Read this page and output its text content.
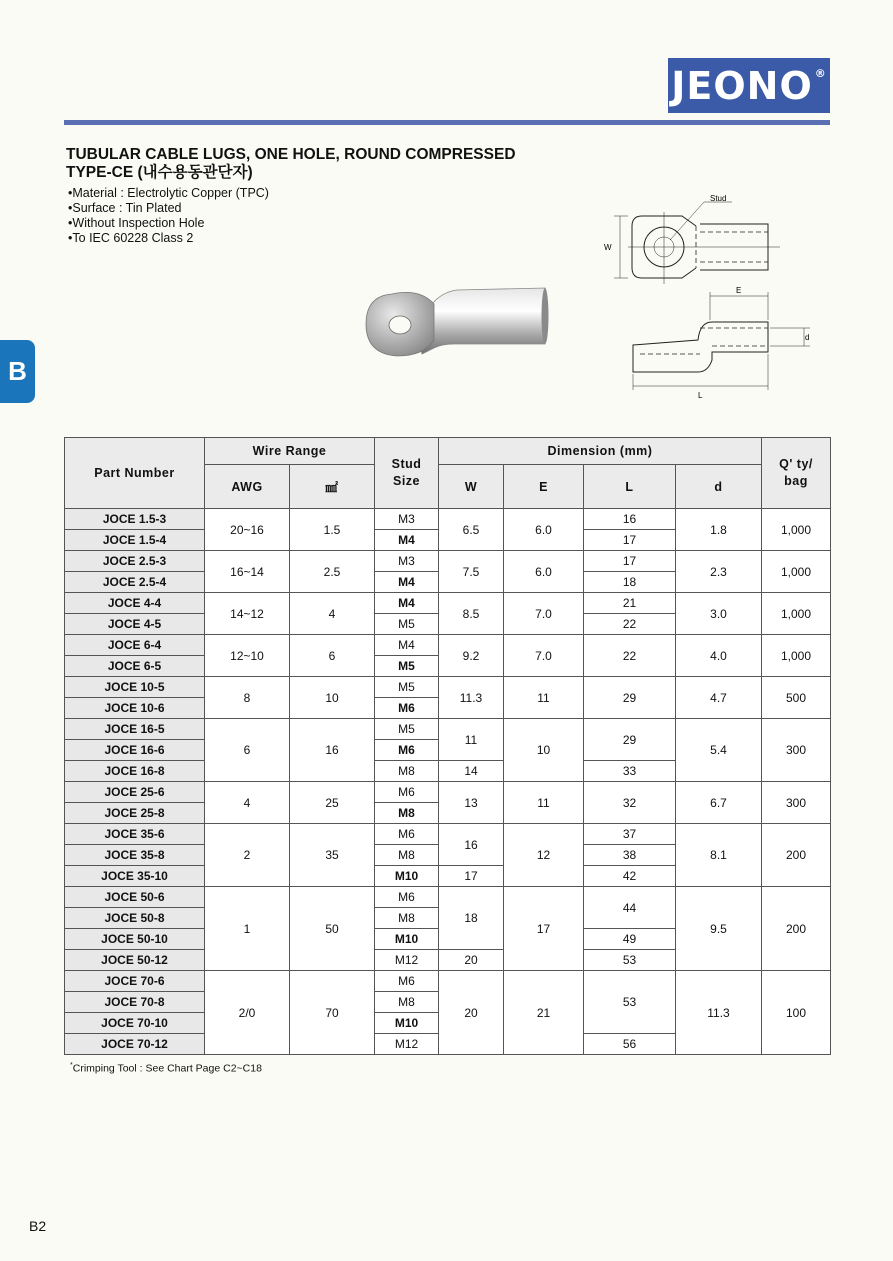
JEONO®
TUBULAR CABLE LUGS, ONE HOLE, ROUND COMPRESSED
TYPE-CE (내수용동관단자)
• Material : Electrolytic Copper (TPC)
• Surface : Tin Plated
• Without Inspection Hole
• To IEC 60228 Class 2
B
Stud
W
E
d
L
Part Number	Wire Range		Stud Size	Dimension (mm)				Q' ty/ bag

	AWG	㎟		W	E	L	d	
JOCE 1.5-3	20~16	1.5	M3	6.5	6.0	16	1.8	1,000
JOCE 1.5-4			M4			17		
JOCE 2.5-3	16~14	2.5	M3	7.5	6.0	17	2.3	1,000
JOCE 2.5-4			M4			18		
JOCE 4-4	14~12	4	M4	8.5	7.0	21	3.0	1,000
JOCE 4-5			M5			22		
JOCE 6-4	12~10	6	M4	9.2	7.0	22	4.0	1,000
JOCE 6-5			M5					
JOCE 10-5	8	10	M5	11.3	11	29	4.7	500
JOCE 10-6			M6					
JOCE 16-5	6	16	M5	11	10	29	5.4	300
JOCE 16-6			M6					
JOCE 16-8			M8	14		33		
JOCE 25-6	4	25	M6	13	11	32	6.7	300
JOCE 25-8			M8					
JOCE 35-6	2	35	M6	16	12	37	8.1	200
JOCE 35-8			M8			38		
JOCE 35-10			M10	17		42		
JOCE 50-6	1	50	M6	18	17	44	9.5	200
JOCE 50-8			M8					
JOCE 50-10			M10			49		
JOCE 50-12			M12	20		53		
JOCE 70-6	2/0	70	M6	20	21	53	11.3	100
JOCE 70-8			M8					
JOCE 70-10			M10					
JOCE 70-12			M12			56		
*Crimping Tool : See Chart Page C2~C18
B2
